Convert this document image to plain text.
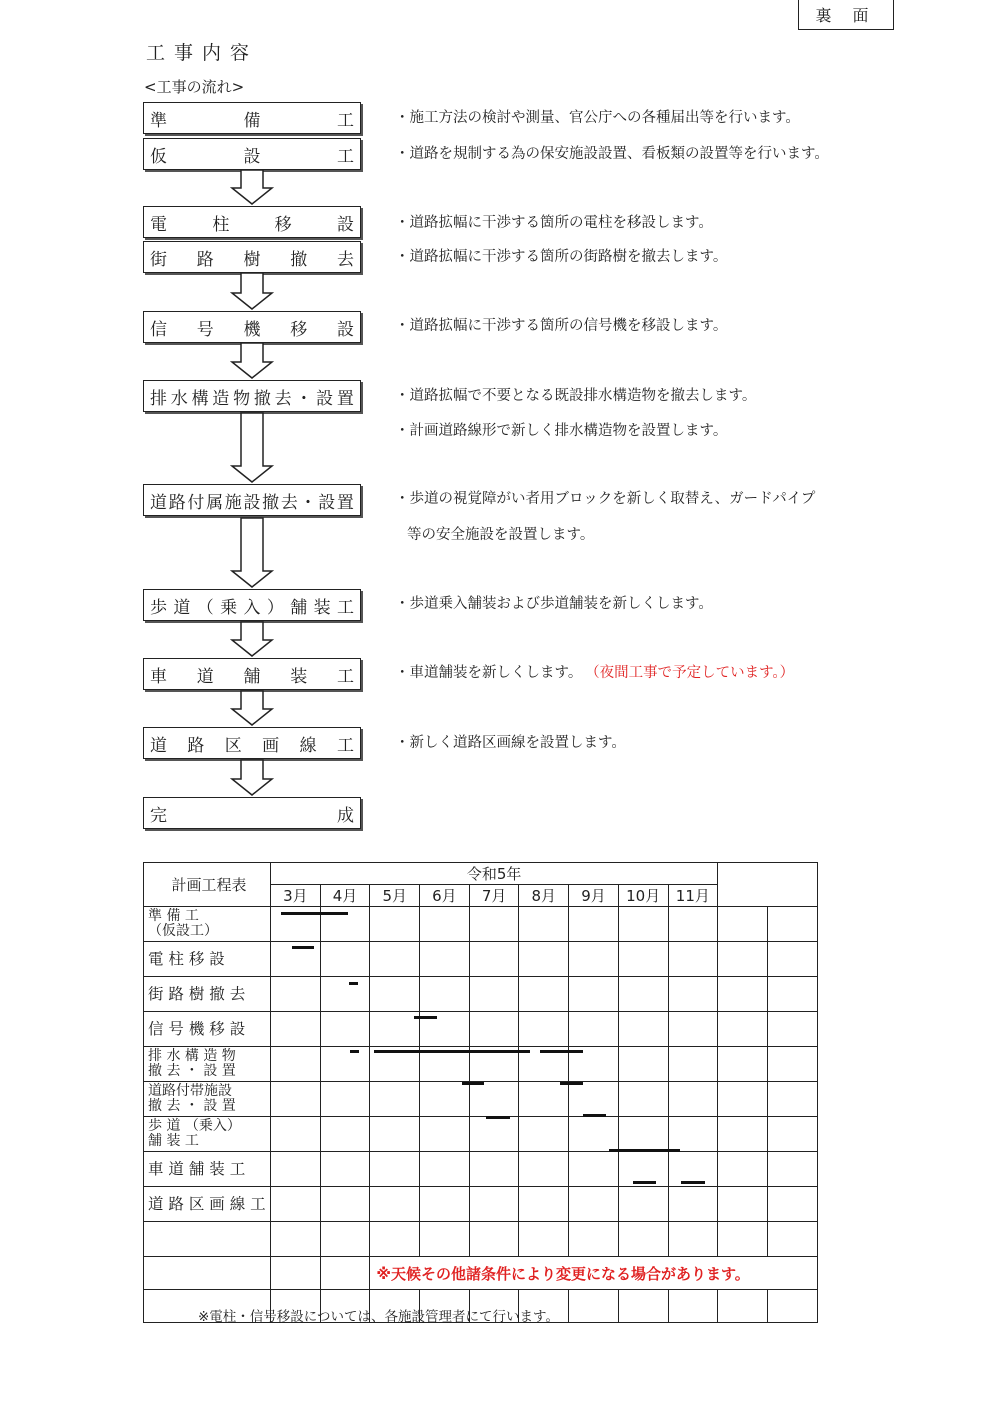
裏 面
工事内容
<工事の流れ>
準	備	工
仮	設	工
電	柱	移	設
街 路 樹 撤 去
信 号 機 移 設
排 水 構 造 物 撤 去 ・ 設 置
道 路 付 属 施 設 撤 去 ・ 設 置
歩 道 （ 乗 入 ） 舗 装 工
車 道 舗 装 工
道 路 区 画 線 工
完	成
・施工方法の検討や測量、官公庁への各種届出等を行います。
・道路を規制する為の保安施設設置、看板類の設置等を行います。
・道路拡幅に干渉する箇所の電柱を移設します。
・道路拡幅に干渉する箇所の街路樹を撤去します。
・道路拡幅に干渉する箇所の信号機を移設します。
・道路拡幅で不要となる既設排水構造物を撤去します。
・計画道路線形で新しく排水構造物を設置します。
・歩道の視覚障がい者用ブロックを新しく取替え、ガードパイプ
等の安全施設を設置します。
・歩道乗入舗装および歩道舗装を新しくします。
・車道舗装を新しくします。 （夜間工事で予定しています。）
・新しく道路区画線を設置します。
計画工程表	令和5年										
	3月	4月	5月	6月	7月	8月	9月	10月	11月		

準 備 工
（仮設工）											

電 柱 移 設											

街 路 樹 撤 去											

信 号 機 移 設											

排 水 構 造 物
撤 去 ・ 設 置											

道路付帯施設
撤 去 ・ 設 置											

歩 道 （乗入）
舗 装 工											

車 道 舗 装 工											

道 路 区 画 線 工											

			※天候その他諸条件により変更になる場合があります。								

※電柱・信号移設については、各施設管理者にて行います。
